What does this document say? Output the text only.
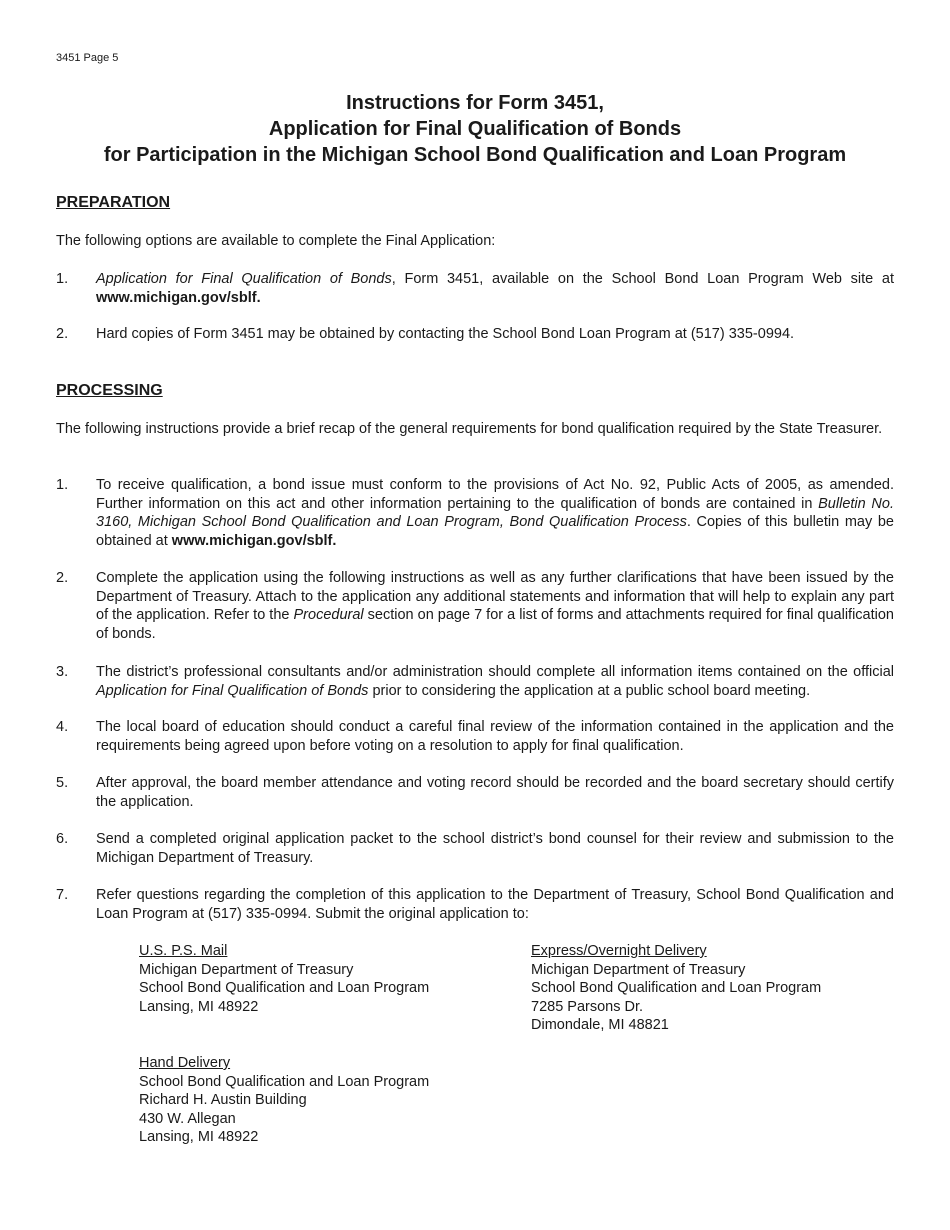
3451 Page 5
Instructions for Form 3451,
Application for Final Qualification of Bonds
for Participation in the Michigan School Bond Qualification and Loan Program
PREPARATION

The following options are available to complete the Final Application:

1.	Application for Final Qualification of Bonds, Form 3451, available on the School Bond Loan Program Web site at www.michigan.gov/sblf.
2.	Hard copies of Form 3451 may be obtained by contacting the School Bond Loan Program at (517) 335-0994.
PROCESSING

The following instructions provide a brief recap of the general requirements for bond qualification required by the State Treasurer.

1.	To receive qualification, a bond issue must conform to the provisions of Act No. 92, Public Acts of 2005, as amended. Further information on this act and other information pertaining to the qualification of bonds are contained in Bulletin No. 3160, Michigan School Bond Qualification and Loan Program, Bond Qualification Process. Copies of this bulletin may be obtained at www.michigan.gov/sblf.
2.	Complete the application using the following instructions as well as any further clarifications that have been issued by the Department of Treasury. Attach to the application any additional statements and information that will help to explain any part of the application. Refer to the Procedural section on page 7 for a list of forms and attachments required for final qualification of bonds.
3.	The district’s professional consultants and/or administration should complete all information items contained on the official Application for Final Qualification of Bonds prior to considering the application at a public school board meeting.
4.	The local board of education should conduct a careful final review of the information contained in the application and the requirements being agreed upon before voting on a resolution to apply for final qualification.
5.	After approval, the board member attendance and voting record should be recorded and the board secretary should certify the application.
6.	Send a completed original application packet to the school district’s bond counsel for their review and submission to the Michigan Department of Treasury.
7.	Refer questions regarding the completion of this application to the Department of Treasury, School Bond Qualification and Loan Program at (517) 335-0994. Submit the original application to:
U.S. P.S. Mail
Michigan Department of Treasury
School Bond Qualification and Loan Program
Lansing, MI 48922
Express/Overnight Delivery
Michigan Department of Treasury
School Bond Qualification and Loan Program
7285 Parsons Dr.
Dimondale, MI 48821
Hand Delivery
School Bond Qualification and Loan Program
Richard H. Austin Building
430 W. Allegan
Lansing, MI 48922
